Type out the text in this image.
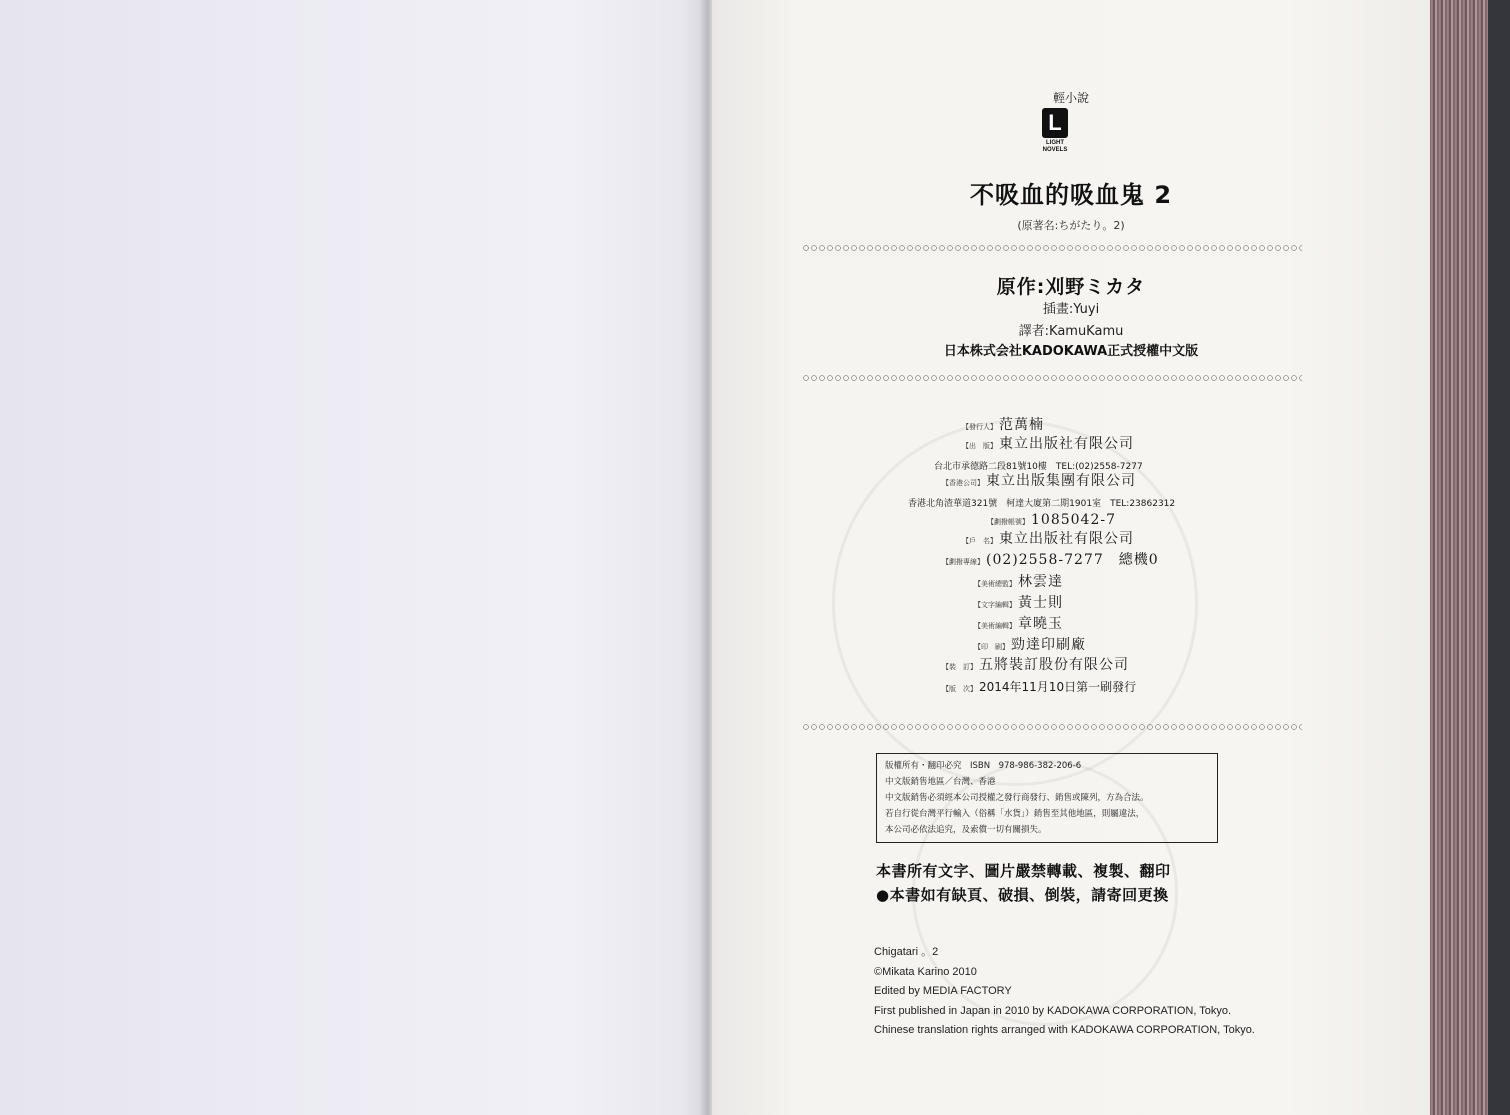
輕小說
L
LIGHT
NOVELS
不吸血的吸血鬼 2
(原著名:ちがたり。2)
原作:刈野ミカタ
插畫:Yuyi
譯者:KamuKamu
日本株式会社KADOKAWA正式授權中文版
【發行人】 范萬楠
【出　版】 東立出版社有限公司
台北市承德路二段81號10樓　TEL:(02)2558-7277
【香港公司】 東立出版集團有限公司
香港北角渣華道321號　柯達大廈第二期1901室　TEL:23862312
【劃撥帳號】 1085042-7
【戶　名】 東立出版社有限公司
【劃撥專線】 (02)2558-7277　總機0
【美術總監】 林雲達
【文字編輯】 黃士則
【美術編輯】 章曉玉
【印　刷】 勁達印刷廠
【裝　訂】 五將裝訂股份有限公司
【版　次】 2014年11月10日第一刷發行
版權所有・翻印必究　ISBN　978-986-382-206-6
中文版銷售地區／台灣、香港
中文版銷售必須經本公司授權之發行商發行、銷售或陳列，方為合法。
若自行從台灣平行輸入（俗稱「水貨」）銷售至其他地區，則屬違法，
本公司必依法追究，及索償一切有關損失。
本書所有文字、圖片嚴禁轉載、複製、翻印
●本書如有缺頁、破損、倒裝，請寄回更換
Chigatari 。2
©Mikata Karino 2010
Edited by MEDIA FACTORY
First published in Japan in 2010 by KADOKAWA CORPORATION, Tokyo.
Chinese translation rights arranged with KADOKAWA CORPORATION, Tokyo.
